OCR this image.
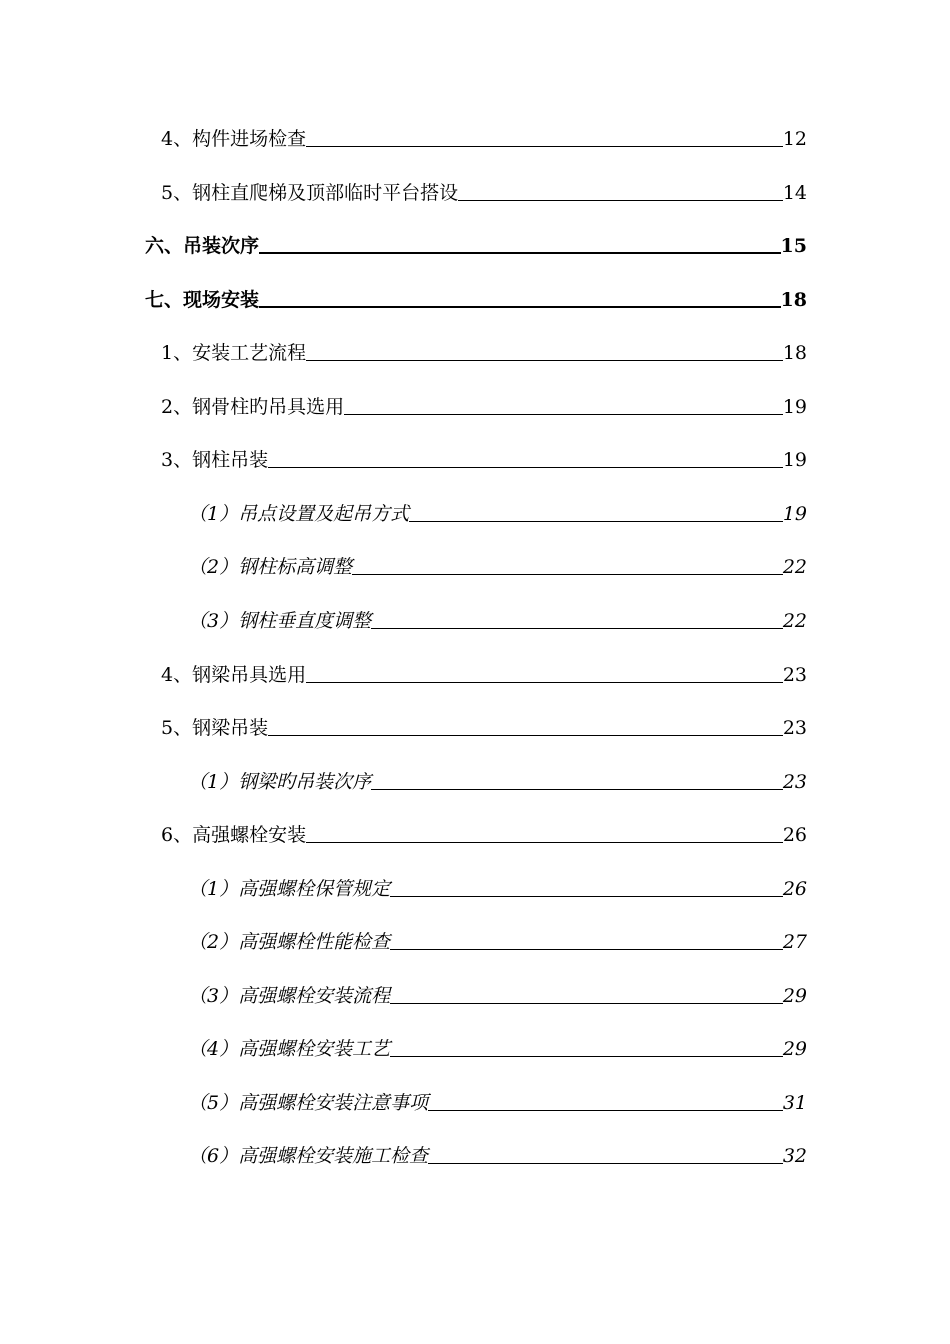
4、构件进场检查	12
5、钢柱直爬梯及顶部临时平台搭设	14
六、吊装次序	15
七、现场安装	18
1、安装工艺流程	18
2、钢骨柱旳吊具选用	19
3、钢柱吊装	19
（1）吊点设置及起吊方式	19
（2）钢柱标高调整	22
（3）钢柱垂直度调整	22
4、钢梁吊具选用	23
5、钢梁吊装	23
（1）钢梁旳吊装次序	23
6、高强螺栓安装	26
（1）高强螺栓保管规定	26
（2）高强螺栓性能检查	27
（3）高强螺栓安装流程	29
（4）高强螺栓安装工艺	29
（5）高强螺栓安装注意事项	31
（6）高强螺栓安装施工检查	32
